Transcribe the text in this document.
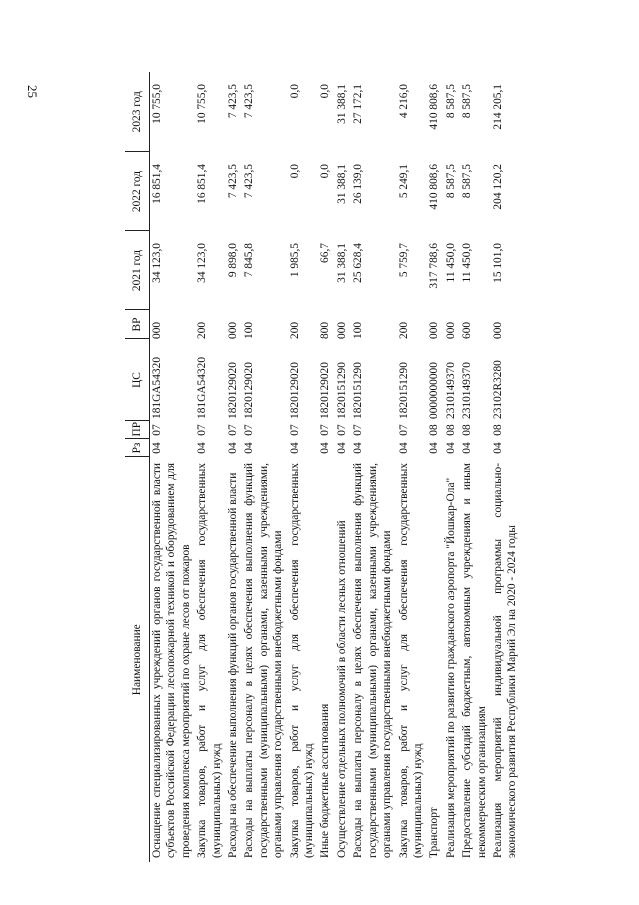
25
Наименование	Рз	ПР	ЦС	ВР	2021 год	2022 год	2023 год
Оснащение специализированных учреждений органов государственной власти субъектов Российской Федерации лесопожарной техникой и оборудованием для проведения комплекса мероприятий по охране лесов от пожаров	04	07	181GA54320	000	34 123,0	16 851,4	10 755,0
Закупка товаров, работ и услуг для обеспечения государственных (муниципальных) нужд	04	07	181GA54320	200	34 123,0	16 851,4	10 755,0
Расходы на обеспечение выполнения функций органов государственной власти	04	07	1820129020	000	9 898,0	7 423,5	7 423,5
Расходы на выплаты персоналу в целях обеспечения выполнения функций государственными (муниципальными) органами, казенными учреждениями, органами управления государственными внебюджетными фондами	04	07	1820129020	100	7 845,8	7 423,5	7 423,5
Закупка товаров, работ и услуг для обеспечения государственных (муниципальных) нужд	04	07	1820129020	200	1 985,5	0,0	0,0
Иные бюджетные ассигнования	04	07	1820129020	800	66,7	0,0	0,0
Осуществление отдельных полномочий в области лесных отношений	04	07	1820151290	000	31 388,1	31 388,1	31 388,1
Расходы на выплаты персоналу в целях обеспечения выполнения функций государственными (муниципальными) органами, казенными учреждениями, органами управления государственными внебюджетными фондами	04	07	1820151290	100	25 628,4	26 139,0	27 172,1
Закупка товаров, работ и услуг для обеспечения государственных (муниципальных) нужд	04	07	1820151290	200	5 759,7	5 249,1	4 216,0
Транспорт	04	08	0000000000	000	317 788,6	410 808,6	410 808,6
Реализация мероприятий по развитию гражданского аэропорта "Йошкар-Ола"	04	08	2310149370	000	11 450,0	8 587,5	8 587,5
Предоставление субсидий бюджетным, автономным учреждениям и иным некоммерческим организациям	04	08	2310149370	600	11 450,0	8 587,5	8 587,5
Реализация мероприятий индивидуальной программы социально-экономического развития Республики Марий Эл на 2020 - 2024 годы	04	08	23102R3280	000	15 101,0	204 120,2	214 205,1
